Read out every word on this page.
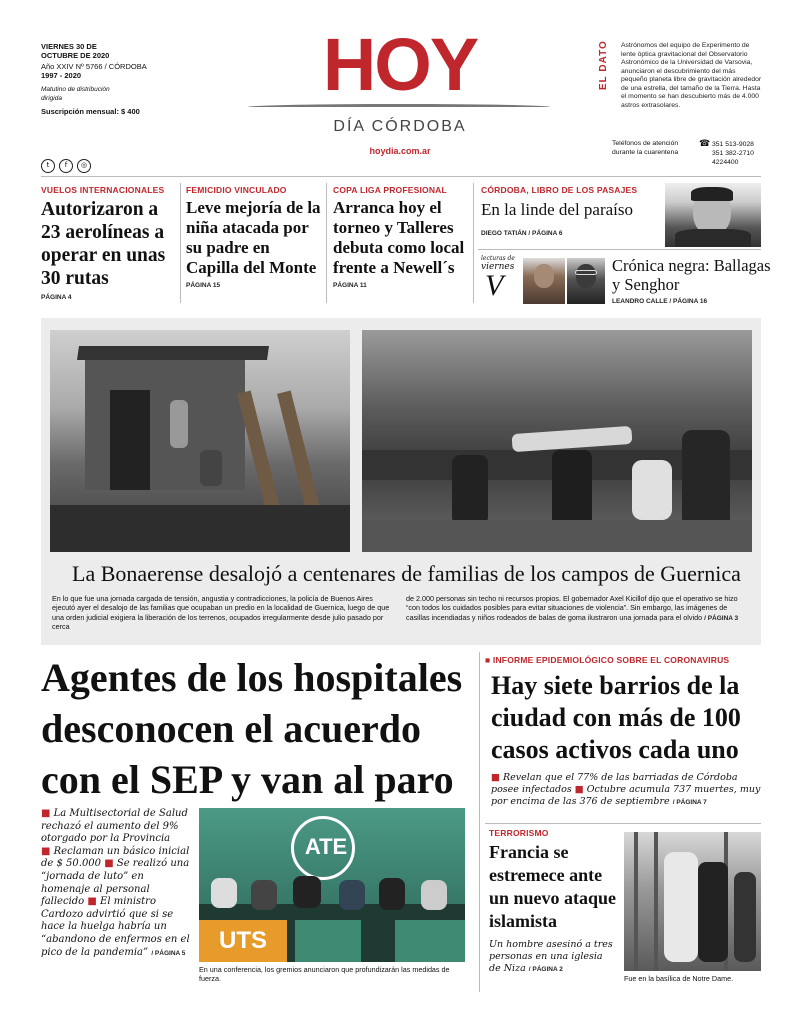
VIERNES 30 DE OCTUBRE DE 2020
Año XXIV Nº 5766 / CÓRDOBA
1997 - 2020
Matutino de distribución dirigida
Suscripción mensual: $ 400
t f ◎
HOY
DÍA CÓRDOBA
hoydia.com.ar
EL DATO Astrónomos del equipo de Experimento de lente óptica gravitacional del Observatorio Astronómico de la Universidad de Varsovia, anunciaron el descubrimiento del más pequeño planeta libre de gravitación alrededor de una estrella, del tamaño de la Tierra. Hasta el momento se han descubierto más de 4.000 astros extrasolares.
Teléfonos de atención durante la cuarentena
☎ 351 513-9028
351 382-2710
4224400
VUELOS INTERNACIONALES
Autorizaron a 23 aerolíneas a operar en unas 30 rutas
PÁGINA 4
FEMICIDIO VINCULADO
Leve mejoría de la niña atacada por su padre en Capilla del Monte
PÁGINA 15
COPA LIGA PROFESIONAL
Arranca hoy el torneo y Talleres debuta como local frente a Newell´s
PÁGINA 11
CÓRDOBA, LIBRO DE LOS PASAJES
En la linde del paraíso
DIEGO TATIÁN / PÁGINA 6
lecturas de
viernes
V
Crónica negra: Ballagas y Senghor
LEANDRO CALLE / PÁGINA 16
La Bonaerense desalojó a centenares de familias de los campos de Guernica
En lo que fue una jornada cargada de tensión, angustia y contradicciones, la policía de Buenos Aires ejecutó ayer el desalojo de las familias que ocupaban un predio en la localidad de Guernica, luego de que una orden judicial exigiera la liberación de los terrenos, ocupados irregularmente desde julio pasado por cerca
de 2.000 personas sin techo ni recursos propios. El gobernador Axel Kicillof dijo que el operativo se hizo “con todos los cuidados posibles para evitar situaciones de violencia”. Sin embargo, las imágenes de casillas incendiadas y niños rodeados de balas de goma ilustraron una jornada para el olvido / PÁGINA 3
Agentes de los hospitales desconocen el acuerdo con el SEP y van al paro
■ La Multisectorial de Salud rechazó el aumento del 9% otorgado por la Provincia
■ Reclaman un básico inicial de $ 50.000 ■ Se realizó una “jornada de luto” en homenaje al personal fallecido ■ El ministro Cardozo advirtió que si se hace la huelga habría un “abandono de enfermos en el pico de la pandemia” / PÁGINA 5
ATE
UTS
En una conferencia, los gremios anunciaron que profundizarán las medidas de fuerza.
■ INFORME EPIDEMIOLÓGICO SOBRE EL CORONAVIRUS
Hay siete barrios de la ciudad con más de 100 casos activos cada uno
■ Revelan que el 77% de las barriadas de Córdoba posee infectados ■ Octubre acumula 737 muertes, muy por encima de las 376 de septiembre / PÁGINA 7
TERRORISMO
Francia se estremece ante un nuevo ataque islamista
Un hombre asesinó a tres personas en una iglesia de Niza / PÁGINA 2
Fue en la basílica de Notre Dame.
